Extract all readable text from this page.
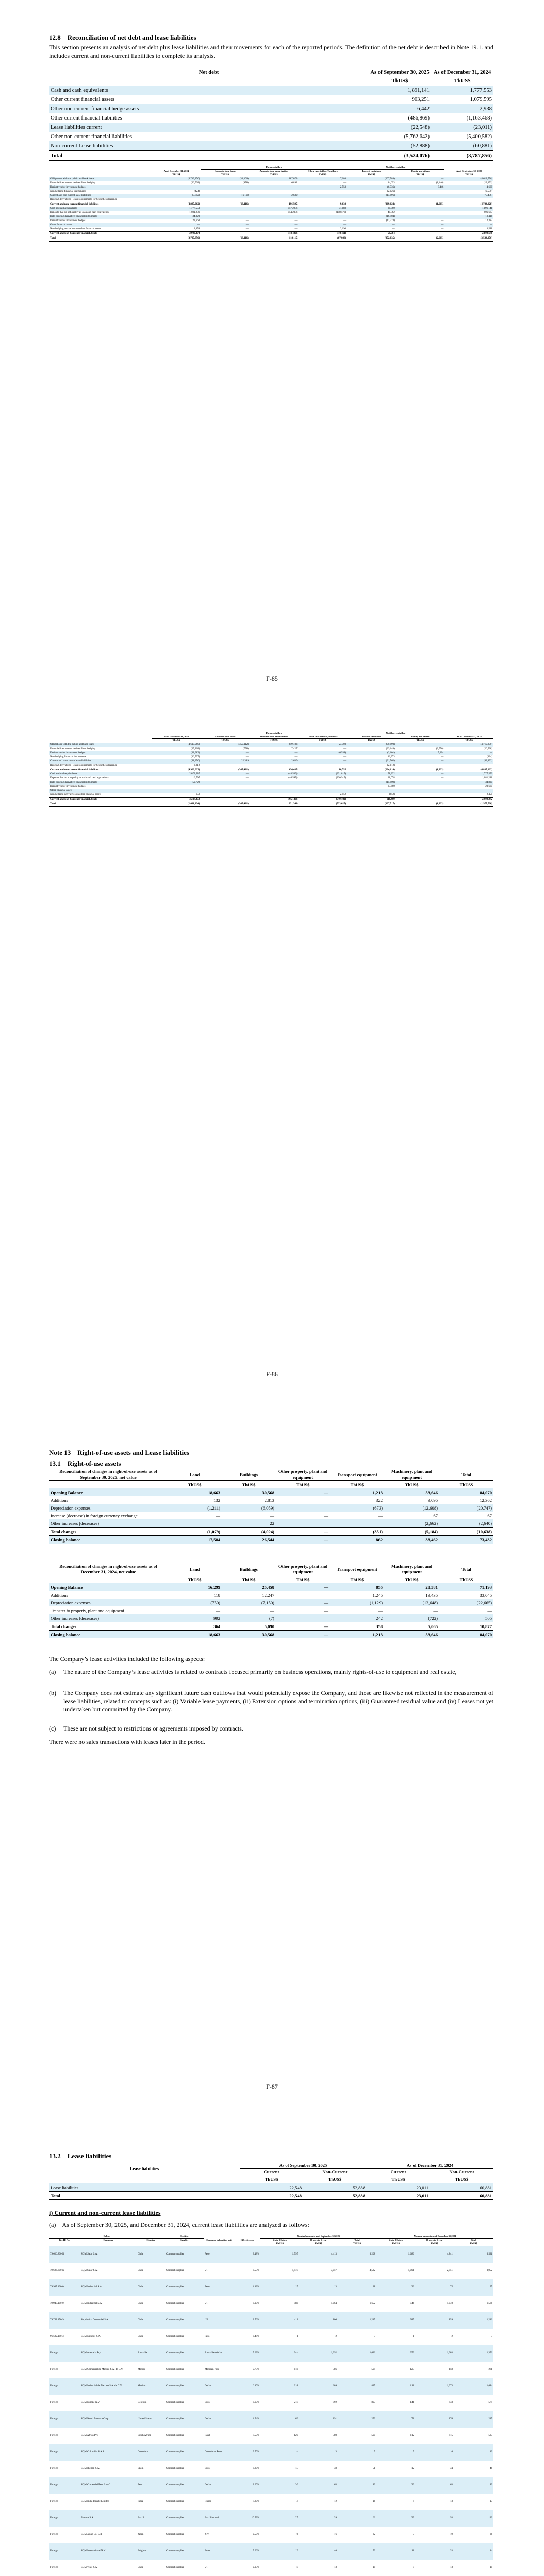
12.8 Reconciliation of net debt and lease liabilities
This section presents an analysis of net debt plus lease liabilities and their movements for each of the reported periods. The definition of the net debt is described in Note 19.1. and includes current and non-current liabilities to complete its analysis.
Net debt	As of September 30, 2025	As of December 31, 2024
	ThUS$	ThUS$
Cash and cash equivalents	1,891,141	1,777,553
Other current financial assets	903,251	1,079,595
Other non-current financial hedge assets	6,442	2,938
Other current financial liabilities	(486,869)	(1,163,468)
Lease liabilities current	(22,548)	(23,011)
Other non-current financial liabilities	(5,762,642)	(5,400,582)
Non-current Lease liabilities	(52,888)	(60,881)
Total	(3,524,076)	(3,787,856)
		Flows cash flow			Not flows cash flow		
	As of December 31, 2024	Amounts from loans	Amounts from amortization	Other cash (inflows)/outflows	Interest variations	Equity and others	As of September 30, 2025
	ThUS$	ThUS$	ThUS$	ThUS$	ThUS$	ThUS$	ThUS$
Obligations with the public and bank loans	(4,719,870)	(33,306)	187,073	7,080	(207,588)	—	(4,612,776)
Financial instruments derived from hedging	(26,538)	(978)	6,892	—	14,693	(8,446)	(13,353)
Derivatives for investment hedges	—	—	—	2,558	(6,336)	8,446	4,668
Non-hedging financial instruments	(424)	—	—	—	(2,126)	—	(2,550)
Current and non-current lease liabilities	(83,892)	16,168	2,630	—	(14,996)	—	(75,436)
Hedging derivatives – cash requirements for Securities clearance	—	—	—	—	—	—	—
Current and non-current financial liabilities	(4,887,062)	(18,116)	196,595	9,638	(269,024)	(1,605)	(4,724,928)
Cash and cash equivalents	1,777,553	—	(57,228)	91,888	38,760	—	1,891,141
Deposits that do not qualify as cash and cash equivalents	1,081,281	—	(54,208)	(158,576)	48,862	—	906,687
Debt hedging derivative financial instruments	34,820	—	—	—	(16,404)	—	18,416
Derivatives for investment hedges	23,660	—	—	—	(11,273)	—	12,387
Other financial assets	—	—	—	—	—	—	—
Non-hedging derivatives on other financial assets	2,458	—	—	2,190	—	—	3,581
Current and Non-Current Financial Assets	2,909,272	—	(73,480)	(78,411)	58,504	—	2,809,676
Total	(3,787,856)	(18,116)	118,115	(67,088)	(272,035)	(2,605)	(3,524,076)
F-85
		Flows cash flow			Not flows cash flow		
	As of December 31, 2023	Amounts from loans	Amounts from amortization	Other cash (inflows)/outflows	Interest variations	Equity and others	As of December 31, 2024
	ThUS$	ThUS$	ThUS$	ThUS$	ThUS$	ThUS$	ThUS$
Obligations with the public and bank loans	(4,610,960)	(359,112)	419,733	23,708	(200,990)	—	(4,719,870)
Financial instruments derived from hedging	(25,808)	(758)	7,427	—	(23,648)	(3,550)	(26,538)
Derivatives for investment hedges	(38,983)	—	—	(6,538)	(2,601)	5,224	—
Non-hedging financial instruments	(16,797)	—	—	—	16,373	—	(424)
Current and non-current lease liabilities	(91,350)	22,389	2,630	—	(31,562)	—	(83,892)
Hedging derivatives – cash requirements for Securities clearance	2,812	—	—	—	(2,812)	—	—
Current and non-current financial liabilities	(4,929,092)	(345,481)	426,485	16,755	(224,016)	(1,393)	(4,887,062)
Cash and cash equivalents	2,079,587	—	(48,539)	(331,817)	78,322	—	1,777,553
Deposits that do not qualify as cash and cash equivalents	1,116,797	—	(46,597)	(220,917)	31,078	—	1,081,281
Debt hedging derivative financial instruments	50,729	—	—	—	(15,909)	—	34,820
Derivatives for investment hedges	—	—	—	—	23,660	—	23,660
Other financial assets	—	—	—	—	—	—	—
Non-hedging derivatives on other financial assets	158	—	—	2,952	(652)	—	2,458
Current and Non-Current Financial Assets	3,247,258	—	(95,136)	(549,782)	116,499	—	2,909,272
Total	(1,681,834)	(345,481)	331,349	(533,027)	(107,517)	(1,393)	(1,977,790)
F-86
Note 13 Right-of-use assets and Lease liabilities
13.1 Right-of-use assets
Reconciliation of changes in right-of-use assets as of September 30, 2025, net value	Land	Buildings	Other property, plant and equipment	Transport equipment	Machinery, plant and equipment	Total
	ThUS$	ThUS$	ThUS$	ThUS$	ThUS$	ThUS$
Opening Balance	18,663	30,568	—	1,213	53,646	84,070
Additions	132	2,813	—	322	9,095	12,362
Depreciation expenses	(1,211)	(6,059)	—	(673)	(12,608)	(20,747)
Increase (decrease) in foreign currency exchange	—	—	—	—	67	67
Other increases (decreases)	—	22	—	—	(2,662)	(2,640)
Total changes	(1,079)	(4,024)	—	(351)	(5,184)	(10,638)
Closing balance	17,584	26,544	—	862	38,462	73,432
Reconciliation of changes in right-of-use assets as of December 31, 2024, net value	Land	Buildings	Other property, plant and equipment	Transport equipment	Machinery, plant and equipment	Total
	ThUS$	ThUS$	ThUS$	ThUS$	ThUS$	ThUS$
Opening Balance	16,299	25,458	—	855	28,581	71,193
Additions	118	12,247	—	1,245	19,435	33,045
Depreciation expenses	(750)	(7,150)	—	(1,129)	(13,648)	(22,665)
Transfer to property, plant and equipment	—	—	—	—	—	—
Other increases (decreases)	992	(7)	—	242	(722)	505
Total changes	364	5,090	—	358	5,065	10,877
Closing balance	18,663	30,568	—	1,213	53,646	84,070
The Company’s lease activities included the following aspects:
(a) The nature of the Company’s lease activities is related to contracts focused primarily on business operations, mainly rights-of-use to equipment and real estate,
(b) The Company does not estimate any significant future cash outflows that would potentially expose the Company, and those are likewise not reflected in the measurement of lease liabilities, related to concepts such as: (i) Variable lease payments, (ii) Extension options and termination options, (iii) Guaranteed residual value and (iv) Leases not yet undertaken but committed by the Company.
(c) These are not subject to restrictions or agreements imposed by contracts.
There were no sales transactions with leases later in the period.
F-87
13.2 Lease liabilities
Lease liabilities	As of September 30, 2025		As of December 31, 2024	
	Current	Non-Current	Current	Non-Current
	ThUS$	ThUS$	ThUS$	ThUS$
Lease liabilities	22,548	52,888	23,011	60,881
Total	22,548	52,888	23,011	60,881
i) Current and non-current lease liabilities
(a) As of September 30, 2025, and December 31, 2024, current lease liabilities are analyzed as follows:
Debtor			Creditor			Nominal amounts as of September 30,2025			Nominal amounts as of December 31,2024		
Tax ID No.	Company	Country	Supplier	Currency indexation unit	Effective rate	Up to 90 days	90 days to 1 year	Total	Up to 90 days	90 days to 1 year	Total
						ThUS$	ThUS$	ThUS$	ThUS$	ThUS$	ThUS$
79.626.800-K	SQM Salar S.A.	Chile	Contract supplier	Peso	3.48%	1,795	4,413	6,208	1,680	4,841	6,521
79.626.800-K	SQM Salar S.A.	Chile	Contract supplier	UF	3.55%	1,475	3,057	4,532	1,001	2,951	3,952
79.947.100-0	SQM Industrial S.A.	Chile	Contract supplier	Peso	4.43%	15	13	28	22	75	97
79.947.100-0	SQM Industrial S.A.	Chile	Contract supplier	UF	3.09%	588	1,064	1,652	546	1,040	1,586
79.768.170-9	Soquimich Comercial S.A.	Chile	Contract supplier	UF	3.76%	411	806	1,217	387	859	1,246
96.592.180-3	SQM Nitratos S.A.	Chile	Contract supplier	Peso	3.48%	1	2	3	1	2	3
Foreign	SQM Australia Pty	Australia	Contract supplier	Australian dollar	5.03%	344	1,292	1,636	353	1,003	1,356
Foreign	SQM Comercial de Mexico S.A. de C.V.	Mexico	Contract supplier	Mexican Peso	9.73%	118	386	504	123	158	281
Foreign	SQM Industrial de Mexico S.A. de C.V.	Mexico	Contract supplier	Dollar	6.40%	218	609	827	611	1,073	1,684
Foreign	SQM Europe N.V.	Belgium	Contract supplier	Euro	3.67%	215	592	807	141	433	574
Foreign	SQM North America Corp	United States	Contract supplier	Dollar	4.54%	62	191	253	71	176	247
Foreign	SQM Africa Pty.	South Africa	Contract supplier	Rand	8.57%	120	380	500	112	415	527
Foreign	SQM Colombia S.A.S.	Colombia	Contract supplier	Colombian Peso	9.70%	4	3	7	7	6	13
Foreign	SQM Iberian S.A.	Spain	Contract supplier	Euro	3.80%	13	38	51	12	34	46
Foreign	SQM Comercial Peru S.A.C.	Peru	Contract supplier	Dollar	3.60%	20	63	83	20	63	83
Foreign	SQM India Private Limited	India	Contract supplier	Rupee	7.80%	4	12	16	4	13	17
Foreign	Proinsa S.A.	Brazil	Contract supplier	Brazilian real	10.53%	27	39	66	39	93	132
Foreign	SQM Japan Co. Ltd.	Japan	Contract supplier	JPY	2.59%	6	16	22	7	19	26
Foreign	SQM International N.V.	Belgium	Contract supplier	Euro	5.66%	13	40	53	11	33	44
Foreign	SQM Vitas S.A.	Chile	Contract supplier	UF	2.95%	5	13	18	5	13	18
